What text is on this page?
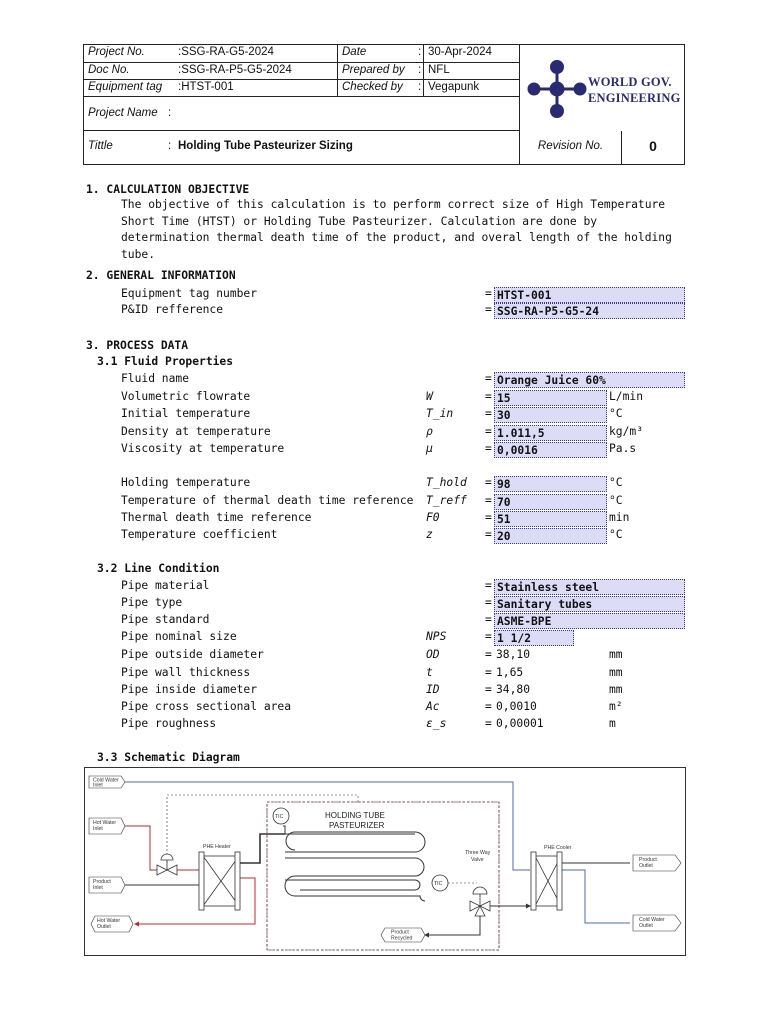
Project No.	:SSG-RA-G5-2024	Date	: 30-Apr-2024
Doc No.	:SSG-RA-P5-G5-2024	Prepared by : NFL
Equipment tag	:HTST-001	Checked by : Vegapunk
Project Name :
Tittle	: Holding Tube Pasteurizer Sizing	Revision No.	0
WORLD GOV.
ENGINEERING
1. CALCULATION OBJECTIVE
The objective of this calculation is to perform correct size of High Temperature Short Time (HTST) or Holding Tube Pasteurizer. Calculation are done by determination thermal death time of the product, and overal length of the holding tube.
2. GENERAL INFORMATION
Equipment tag number	= HTST-001
P&ID refference	= SSG-RA-P5-G5-24
3. PROCESS DATA
3.1 Fluid Properties
Fluid name	= Orange Juice 60%
Volumetric flowrate	W	= 15	L/min
Initial temperature	T_in	= 30	°C
Density at temperature	ρ	= 1.011,5	kg/m³
Viscosity at temperature	μ	= 0,0016	Pa.s
Holding temperature	T_hold = 98	°C
Temperature of thermal death time reference T_reff = 70	°C
Thermal death time reference	F0	= 51	min
Temperature coefficient	z	= 20	°C
3.2 Line Condition
Pipe material	= Stainless steel
Pipe type	= Sanitary tubes
Pipe standard	= ASME-BPE
Pipe nominal size	NPS	= 1 1/2
Pipe outside diameter	OD	= 38,10	mm
Pipe wall thickness	t	= 1,65	mm
Pipe inside diameter	ID	= 34,80	mm
Pipe cross sectional area	Ac	= 0,0010	m²
Pipe roughness	ε_s	= 0,00001	m
3.3 Schematic Diagram
PHE Heater	PHE Cooler
Three Way
Valve
TIC
TIC
HOLDING TUBE
PASTEURIZER
Cold Water
Inlet
Hot Water
Inlet
Product
Inlet
Hot Water
Outlet
Product
Recycled
Product
Outlet
Cold Water
Outlet
